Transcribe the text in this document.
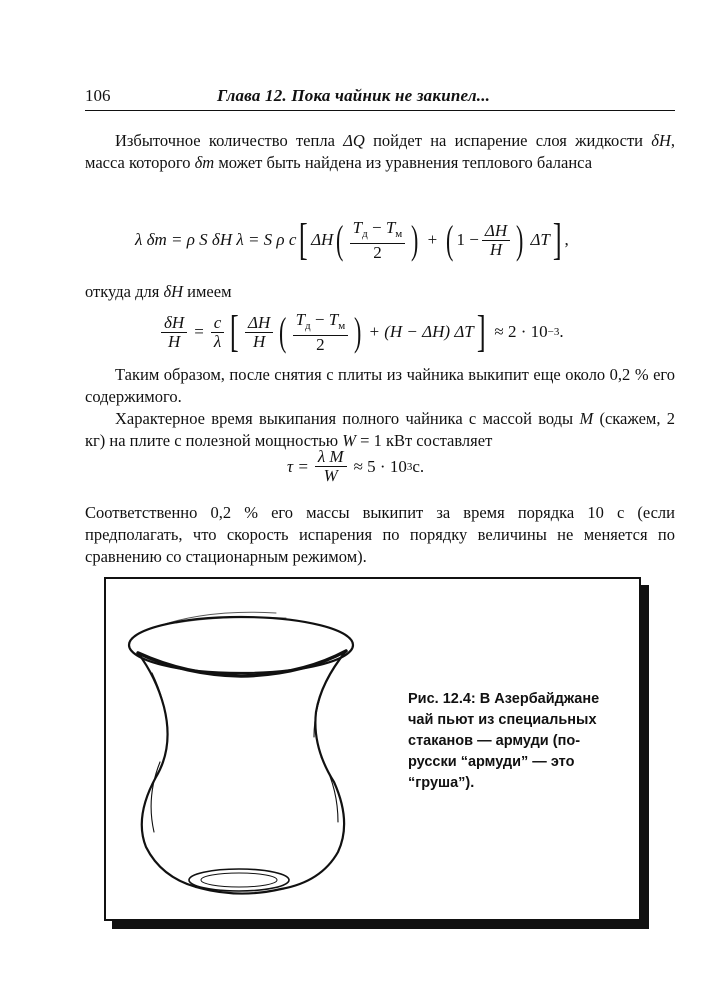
106	Глава 12. Пока чайник не закипел...

Избыточное количество тепла ΔQ пойдет на испарение слоя жидкости δH, масса которого δm может быть найдена из уравнения теплового баланса

λ δm = ρ S δH λ = S ρ c [ ΔH ( $\frac{T_д - T_м}{2}$ ) + ( $1 - \frac{\Delta H}{H}$ ) ΔT ] ,

откуда для δH имеем

$\frac{\delta H}{H} = \frac{c}{\lambda}$ [ $\frac{\Delta H}{H}$ ( $\frac{T_д - T_м}{2}$ ) + (H − ΔH) ΔT ] ≈ 2 · 10 −3 .

Таким образом, после снятия с плиты из чайника выкипит еще около 0,2 % его содержимого.

Характерное время выкипания полного чайника с массой воды M (скажем, 2 кг) на плите с полезной мощностью W = 1 кВт составляет

$\tau = \frac{\text{λ M}}{W} \approx 5 \cdot 10$ 3 с.

Соответственно 0,2 % его массы выкипит за время порядка 10 с (если предполагать, что скорость испарения по порядку величины не меняется по сравнению со стационарным режимом).

Рис. 12.4: В Азербайджане чай пьют из специальных стаканов — армуди (по-русски “армуди” — это “груша”).
